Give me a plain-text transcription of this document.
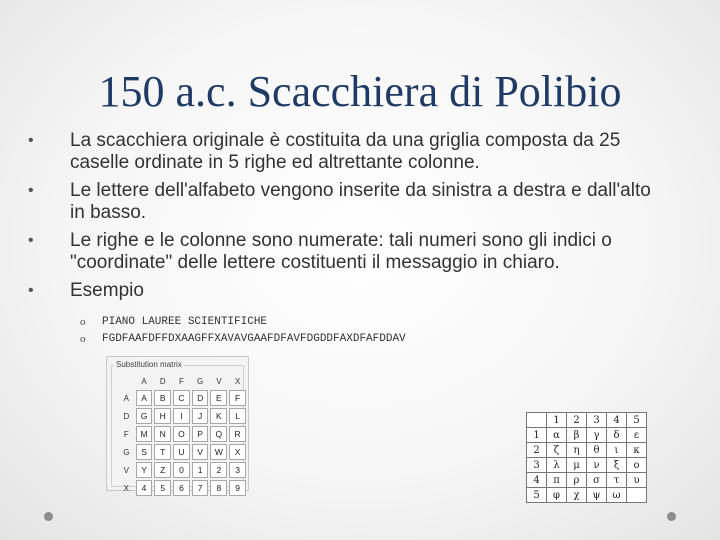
150 a.c. Scacchiera di Polibio
• La scacchiera originale è costituita da una griglia composta da 25 caselle ordinate in 5 righe ed altrettante colonne.
• Le lettere dell'alfabeto vengono inserite da sinistra a destra e dall'alto in basso.
• Le righe e le colonne sono numerate: tali numeri sono gli indici o "coordinate" delle lettere costituenti il messaggio in chiaro.
• Esempio
o PIANO LAUREE SCIENTIFICHE
o FGDFAAFDFFDXAAGFFXAVAVGAAFDFAVFDGDDFAXDFAFDDAV
Substitution matrix
	A	D	F	G	V	X
A	A	B	C	D	E	F
D	G	H	I	J	K	L
F	M	N	O	P	Q	R
G	S	T	U	V	W	X
V	Y	Z	0	1	2	3
X	4	5	6	7	8	9
	1	2	3	4	5
1	α	β	γ	δ	ε
2	ζ	η	θ	ι	κ
3	λ	μ	ν	ξ	ο
4	π	ρ	σ	τ	υ
5	φ	χ	ψ	ω	
